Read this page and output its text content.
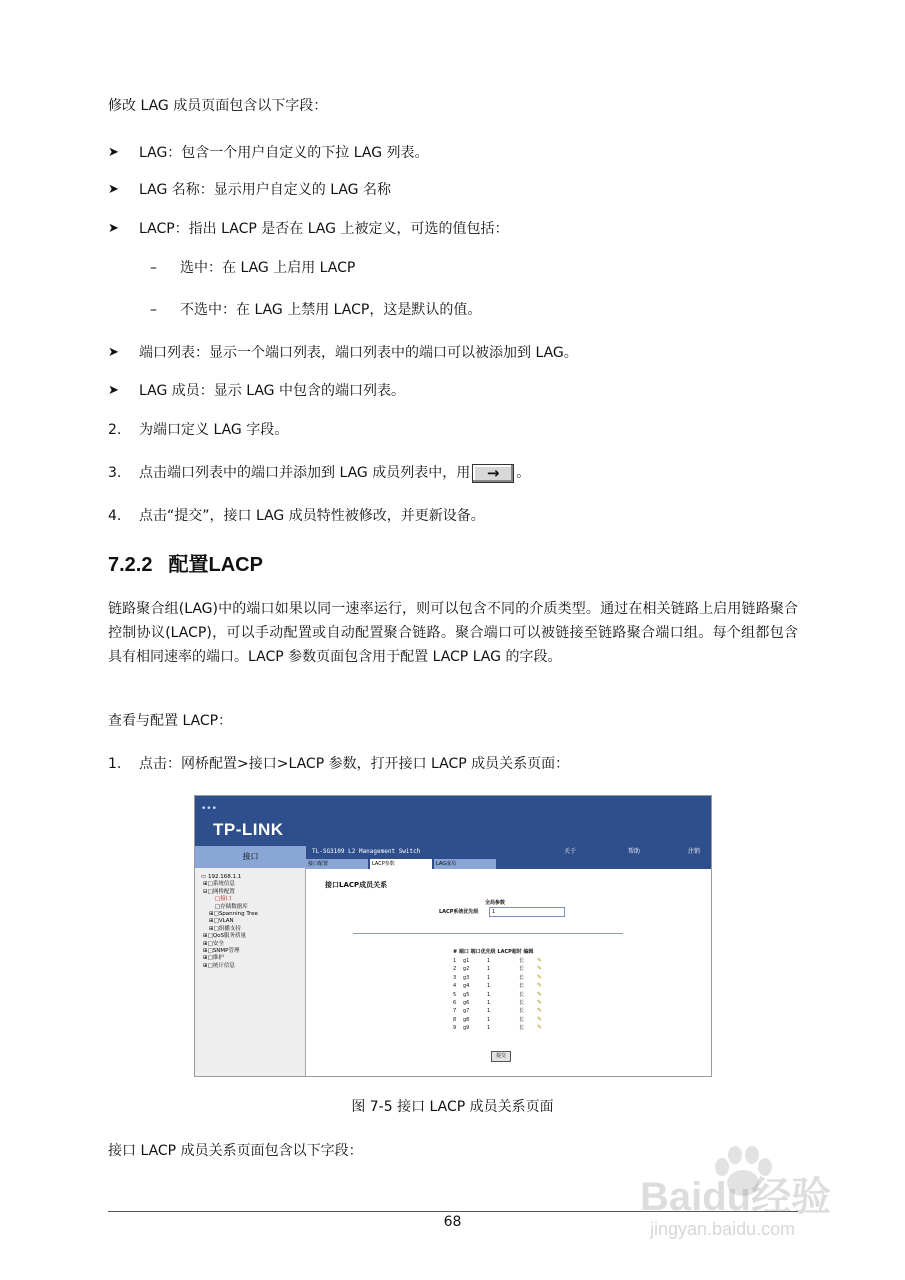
修改 LAG 成员页面包含以下字段：
➤ LAG：包含一个用户自定义的下拉 LAG 列表。
➤ LAG 名称：显示用户自定义的 LAG 名称
➤ LACP：指出 LACP 是否在 LAG 上被定义，可选的值包括：
– 选中：在 LAG 上启用 LACP
– 不选中：在 LAG 上禁用 LACP，这是默认的值。
➤ 端口列表：显示一个端口列表，端口列表中的端口可以被添加到 LAG。
➤ LAG 成员：显示 LAG 中包含的端口列表。
2. 为端口定义 LAG 字段。
3. 点击端口列表中的端口并添加到 LAG 成员列表中，用 → 。
4. 点击“提交”，接口 LAG 成员特性被修改，并更新设备。
7.2.2 配置LACP
链路聚合组(LAG)中的端口如果以同一速率运行，则可以包含不同的介质类型。通过在相关链路上启用链路聚合控制协议(LACP)，可以手动配置或自动配置聚合链路。聚合端口可以被链接至链路聚合端口组。每个组都包含具有相同速率的端口。LACP 参数页面包含用于配置 LACP LAG 的字段。
查看与配置 LACP：
1. 点击：网桥配置>接口>LACP 参数，打开接口 LACP 成员关系页面：
•••
TP-LINK
接口
TL-SG3109 L2 Management Switch	关于	帮助	注销
接口配置	LACP参数	LAG成员
▭ 192.168.1.1
⊞□系统信息
⊟□网桥配置
□接口
□存储数据库
⊞□Spanning Tree
⊞□VLAN
⊞□组播支持
⊞□QoS服务质量
⊞□安全
⊞□SNMP管理
⊞□维护
⊞□统计信息
接口LACP成员关系
全局参数
LACP系统优先级	1
# 端口 端口优先级 LACP超时 编辑
1	g1	1	长	✎
2	g2	1	长	✎
3	g3	1	长	✎
4	g4	1	长	✎
5	g5	1	长	✎
6	g6	1	长	✎
7	g7	1	长	✎
8	g8	1	长	✎
9	g9	1	长	✎
提交
图 7-5 接口 LACP 成员关系页面
接口 LACP 成员关系页面包含以下字段：
Baidu经验
68	jingyan.baidu.com
